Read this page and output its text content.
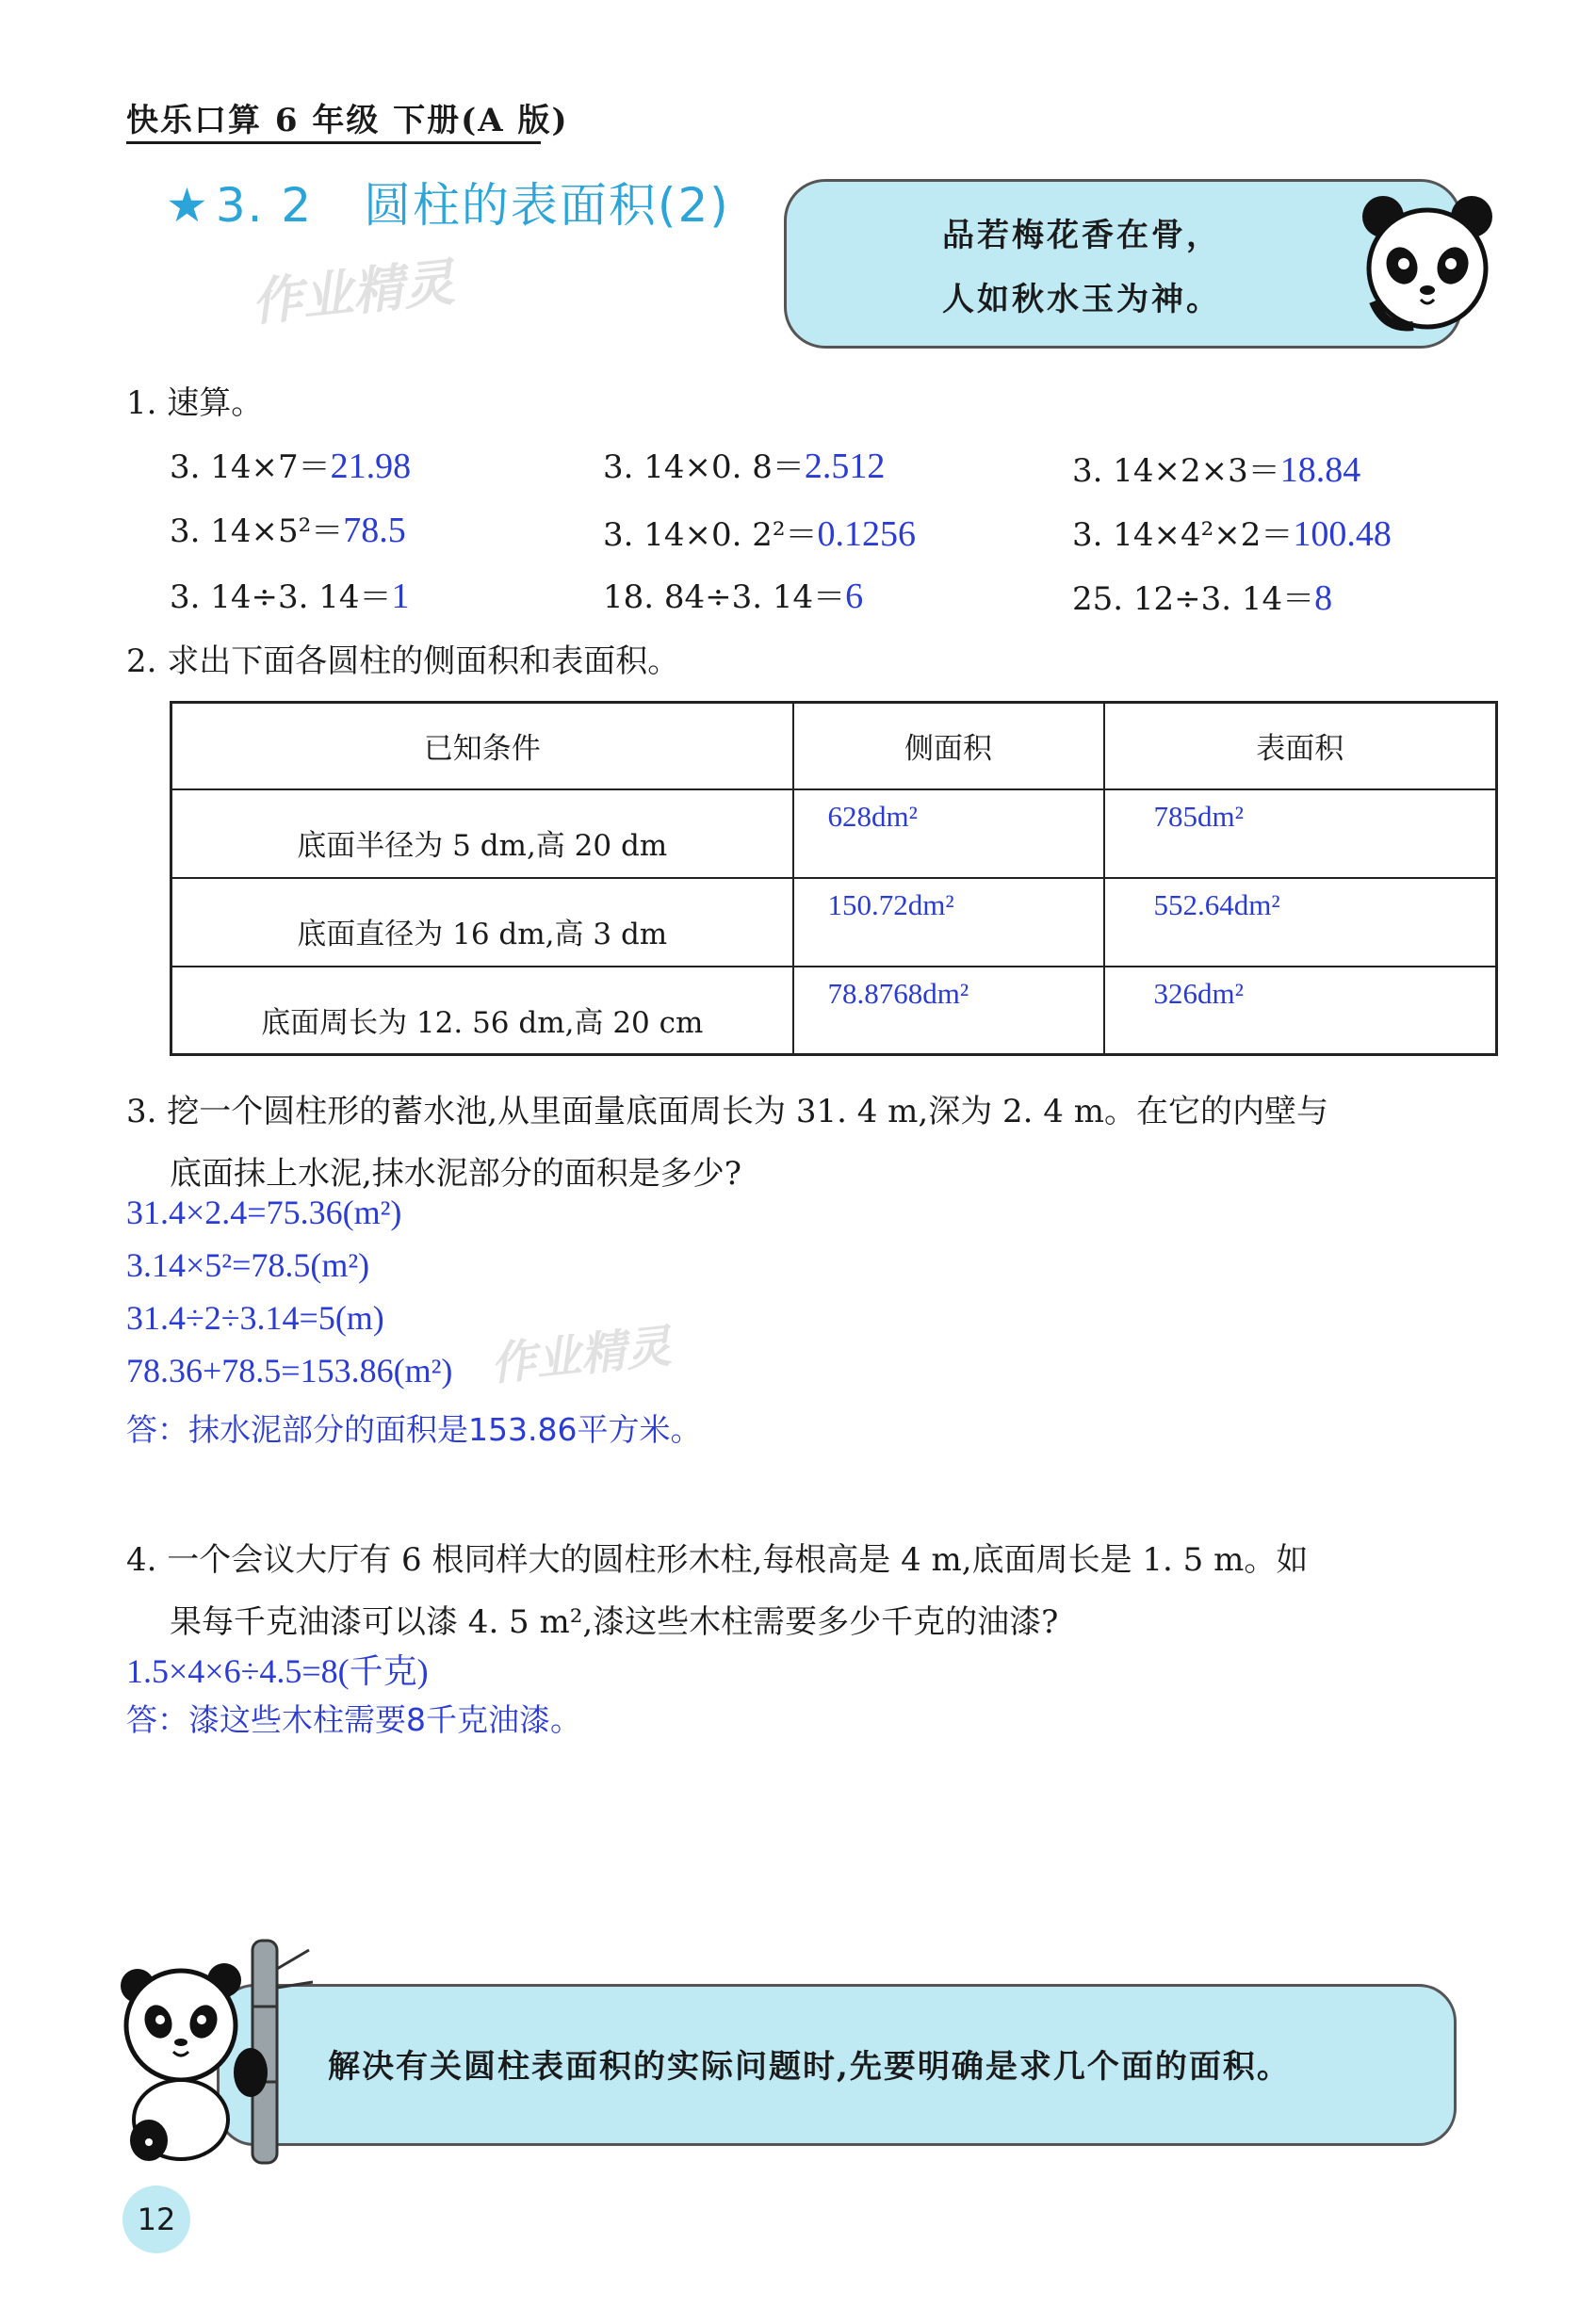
快乐口算 6 年级 下册(A 版)
★ 3. 2 圆柱的表面积(2)
作业精灵
品若梅花香在骨，
人如秋水玉为神。
1. 速算。
3. 14×7＝21.98	3. 14×0. 8＝2.512	3. 14×2×3＝18.84
3. 14×5²＝78.5	3. 14×0. 2²＝0.1256	3. 14×4²×2＝100.48
3. 14÷3. 14＝1	18. 84÷3. 14＝6	25. 12÷3. 14＝8
2. 求出下面各圆柱的侧面积和表面积。
已知条件	侧面积	表面积
底面半径为 5 dm,高 20 dm	628dm²	785dm²
底面直径为 16 dm,高 3 dm	150.72dm²	552.64dm²
底面周长为 12. 56 dm,高 20 cm	78.8768dm²	326dm²
3. 挖一个圆柱形的蓄水池,从里面量底面周长为 31. 4 m,深为 2. 4 m。在它的内壁与
底面抹上水泥,抹水泥部分的面积是多少?
31.4×2.4=75.36(m²)
3.14×5²=78.5(m²)
31.4÷2÷3.14=5(m)
78.36+78.5=153.86(m²) 作业精灵
答：抹水泥部分的面积是153.86平方米。
4. 一个会议大厅有 6 根同样大的圆柱形木柱,每根高是 4 m,底面周长是 1. 5 m。如
果每千克油漆可以漆 4. 5 m²,漆这些木柱需要多少千克的油漆?
1.5×4×6÷4.5=8(千克)
答：漆这些木柱需要8千克油漆。
解决有关圆柱表面积的实际问题时,先要明确是求几个面的面积。
12
